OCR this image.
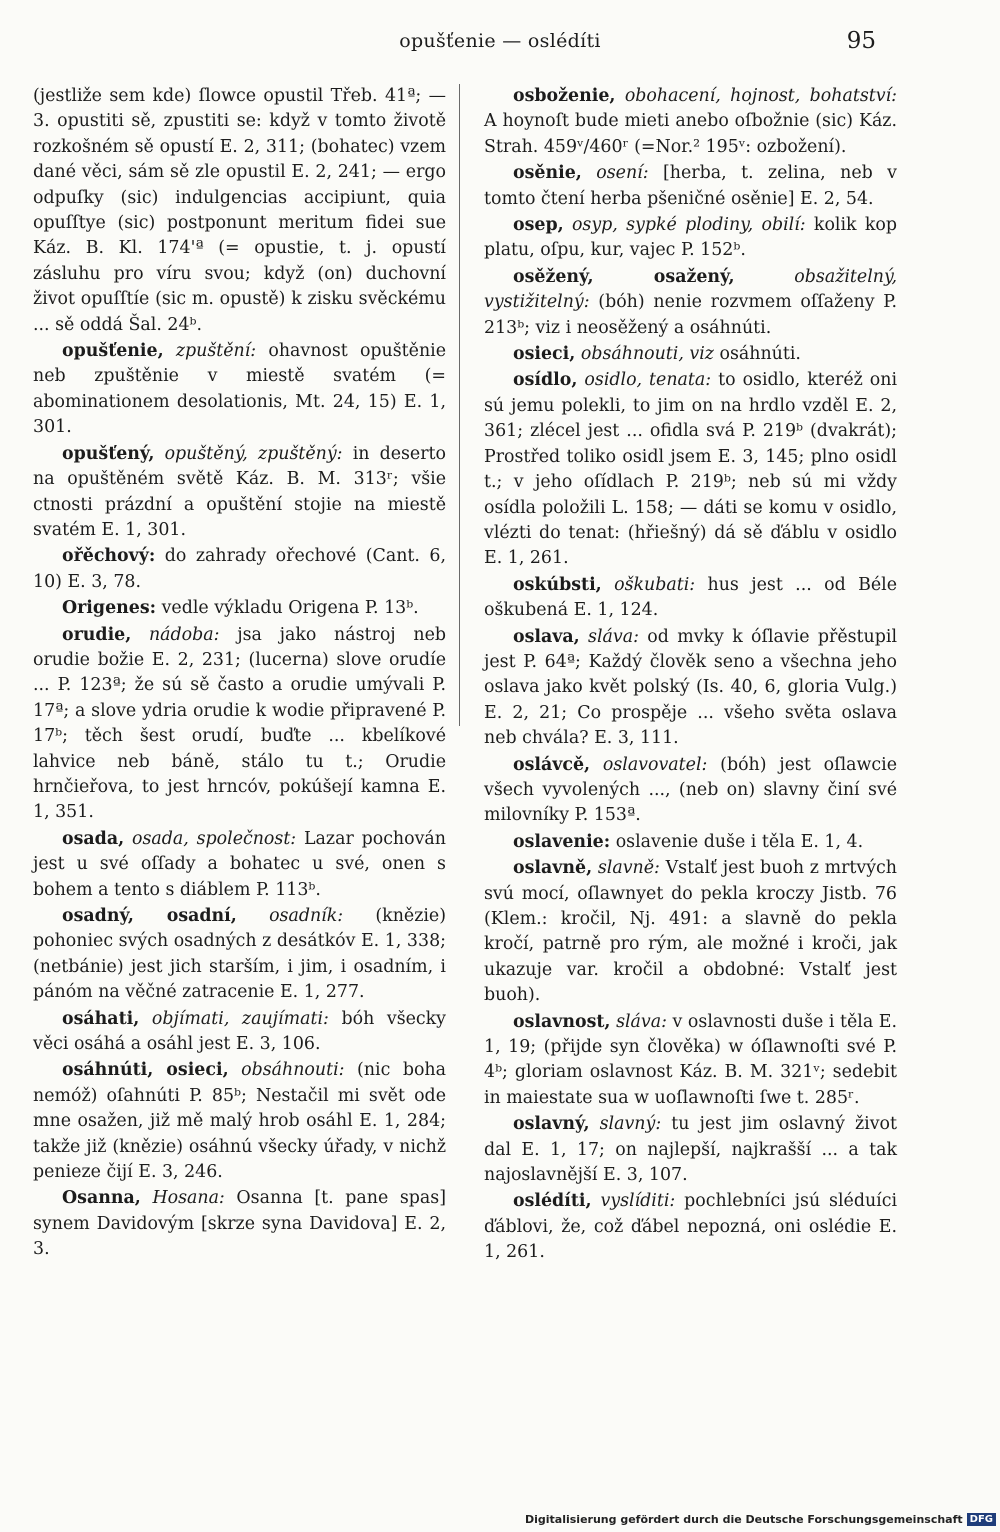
opušťenie — oslédíti	95

(jestliže sem kde) ſlowce opustil Třeb. 41ª; — 3. opustiti sě, zpustiti se: když v tomto životě rozkošném sě opustí E. 2, 311; (bohatec) vzem dané věci, sám sě zle opustil E. 2, 241; — ergo odpuſky (sic) indulgencias accipiunt, quia opuſſtye (sic) postponunt meritum fidei sue Káz. B. Kl. 174'ª (= opustie, t. j. opustí zásluhu pro víru svou; když (on) duchovní život opuſſtíe (sic m. opustě) k zisku svěckému ... sě oddá Šal. 24ᵇ.

opušťenie, zpuštění: ohavnost opuštěnie neb zpuštěnie v miestě svatém (= abominationem desolationis, Mt. 24, 15) E. 1, 301.

opušťený, opuštěný, zpuštěný: in deserto na opuštěném světě Káz. B. M. 313ʳ; všie ctnosti prázdní a opuštění stojie na miestě svatém E. 1, 301.

ořěchový: do zahrady ořechové (Cant. 6, 10) E. 3, 78.

Origenes: vedle výkladu Origena P. 13ᵇ.

orudie, nádoba: jsa jako nástroj neb orudie božie E. 2, 231; (lucerna) slove orudíe ... P. 123ª; že sú sě často a orudie umývali P. 17ª; a slove ydria orudie k wodie připravené P. 17ᵇ; těch šest orudí, buďte ... kbelíkové lahvice neb báně, stálo tu t.; Orudie hrnčieřova, to jest hrncóv, pokúšejí kamna E. 1, 351.

osada, osada, společnost: Lazar pochován jest u své oſſady a bohatec u své, onen s bohem a tento s diáblem P. 113ᵇ.

osadný, osadní, osadník: (knězie) pohoniec svých osadných z desátkóv E. 1, 338; (netbánie) jest jich starším, i jim, i osadním, i pánóm na věčné zatracenie E. 1, 277.

osáhati, objímati, zaujímati: bóh všecky věci osáhá a osáhl jest E. 3, 106.

osáhnúti, osieci, obsáhnouti: (nic boha nemóž) oſahnúti P. 85ᵇ; Nestačil mi svět ode mne osažen, již mě malý hrob osáhl E. 1, 284; takže již (knězie) osáhnú všecky úřady, v nichž penieze čijí E. 3, 246.

Osanna, Hosana: Osanna [t. pane spas] synem Davidovým [skrze syna Davidova] E. 2, 3.

osboženie, obohacení, hojnost, bohatství: A hoynoſt bude mieti anebo oſbožnie (sic) Káz. Strah. 459ᵛ/460ʳ (=Nor.² 195ᵛ: ozbožení).

osěnie, osení: [herba, t. zelina, neb v tomto čtení herba pšeničné osěnie] E. 2, 54.

osep, osyp, sypké plodiny, obilí: kolik kop platu, oſpu, kur, vajec P. 152ᵇ.

osěžený, osažený,	obsažitelný, vystižitelný: (bóh) nenie rozvmem oſſaženy P. 213ᵇ; viz i neosěžený a osáhnúti.

osieci, obsáhnouti, viz osáhnúti.

osídlo, osidlo, tenata: to osidlo, kteréž oni sú jemu polekli, to jim on na hrdlo vzděl E. 2, 361; zlécel jest ... ofidla svá P. 219ᵇ (dvakrát); Prostřed toliko osidl jsem E. 3, 145; plno osidl t.; v jeho oſídlach P. 219ᵇ; neb sú mi vždy osídla položili L. 158; — dáti se komu v osidlo, vlézti do tenat: (hřiešný) dá sě ďáblu v osidlo E. 1, 261.

oskúbsti, oškubati: hus jest ... od Béle oškubená E. 1, 124.

oslava, sláva: od mvky k óſlavie přěstupil jest P. 64ª; Každý člověk seno a všechna jeho oslava jako květ polský (Is. 40, 6, gloria Vulg.) E. 2, 21; Co prospěje ... všeho světa oslava neb chvála? E. 3, 111.

oslávcě, oslavovatel: (bóh) jest oſlawcie všech vyvolených ..., (neb on) slavny činí své milovníky P. 153ª.

oslavenie: oslavenie duše i těla E. 1, 4.

oslavně, slavně: Vstalť jest buoh z mrtvých svú mocí, oſlawnyet do pekla kroczy Jistb. 76 (Klem.: kročil, Nj. 491: a slavně do pekla kročí, patrně pro rým, ale možné i kroči, jak ukazuje var. kročil a obdobné: Vstalť jest buoh).

oslavnost, sláva: v oslavnosti duše i těla E. 1, 19; (přijde syn člověka) w óſlawnoſti své P. 4ᵇ; gloriam oslavnost Káz. B. M. 321ᵛ; sedebit in maiestate sua w uoſlawnoſti ſwe t. 285ʳ.

oslavný, slavný: tu jest jim oslavný život dal E. 1, 17; on najlepší, najkrašší ... a tak najoslavnější E. 3, 107.

oslédíti, vyslíditi: pochlebníci jsú sléduíci ďáblovi, že, což ďábel nepozná, oni oslédie E. 1, 261.

Digitalisierung gefördert durch die Deutsche Forschungsgemeinschaft DFG
